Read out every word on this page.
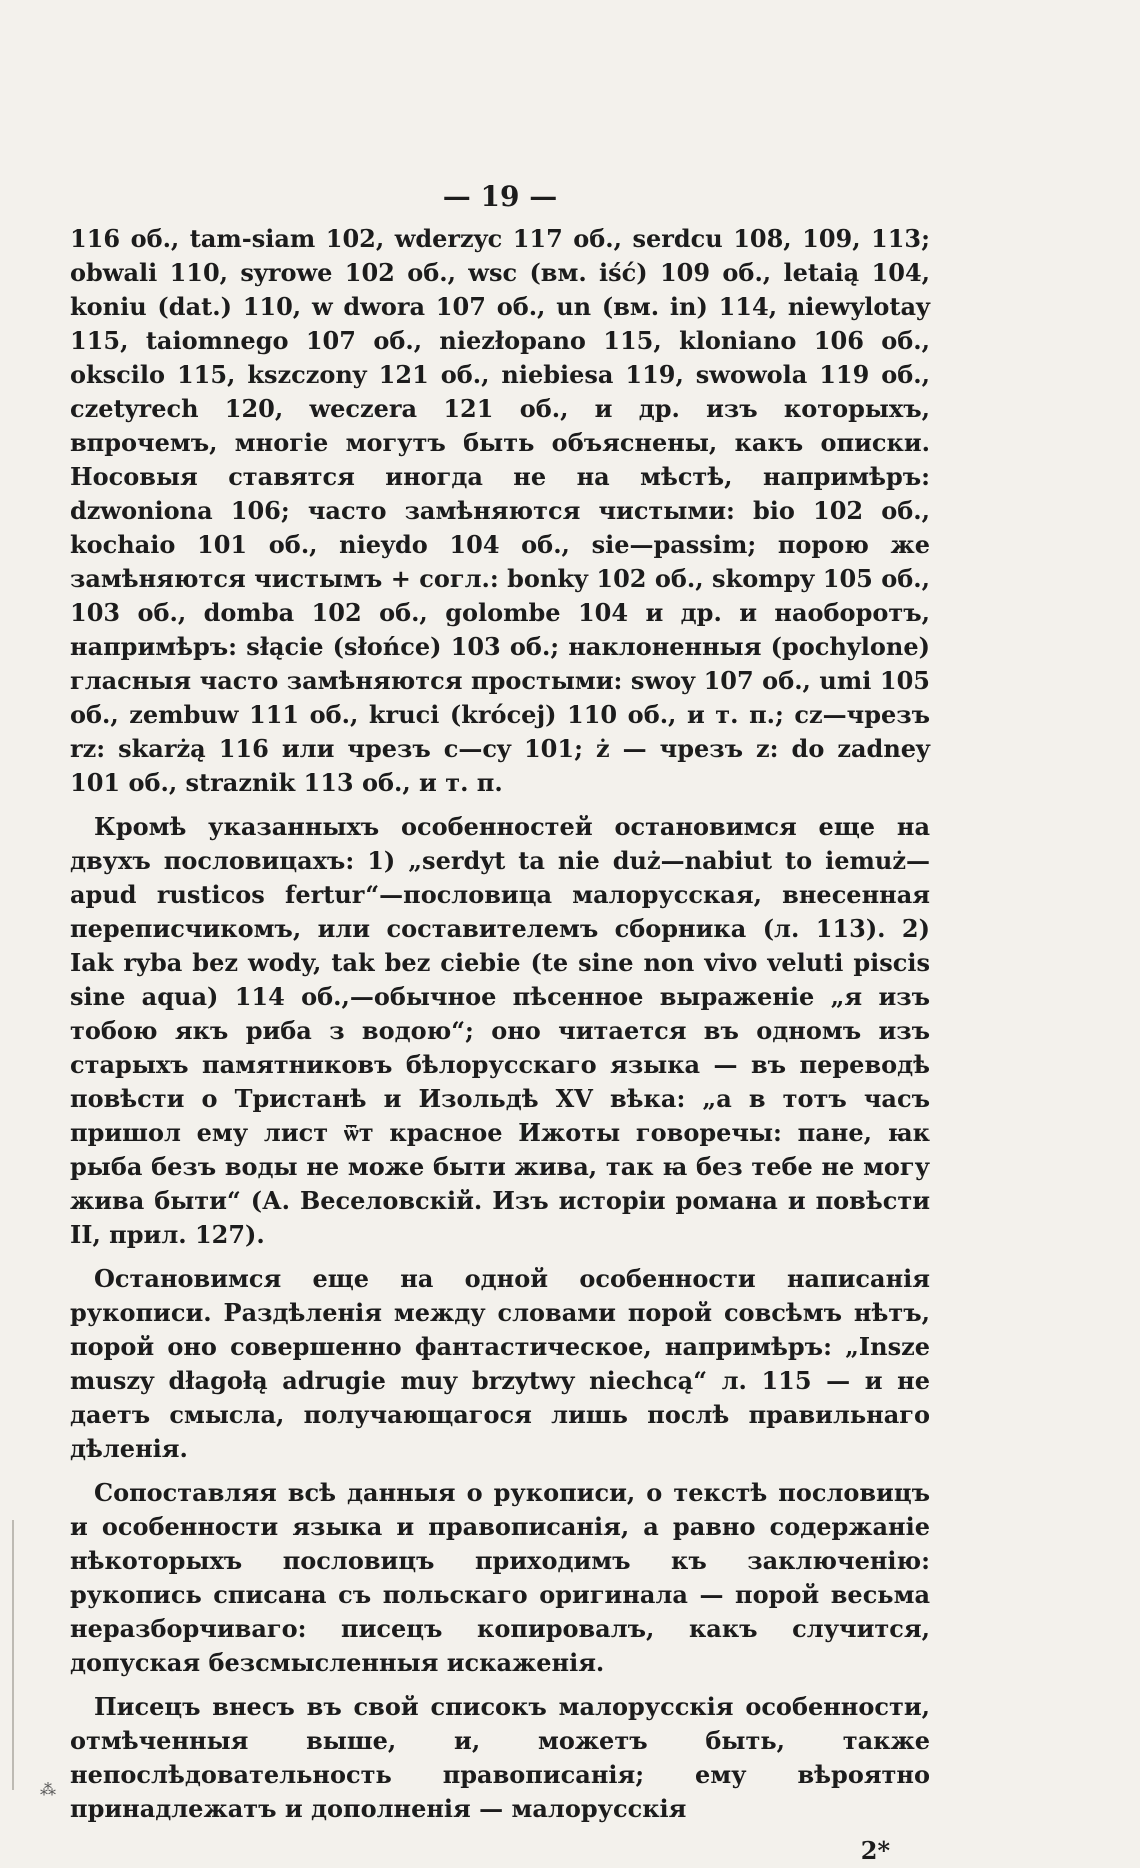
— 19 —

116 об., tam-siam 102, wderzyc 117 об., serdcu 108, 109, 113; obwali 110, syrowe 102 об., wsc (вм. iść) 109 об., letaią 104, koniu (dat.) 110, w dwora 107 об., un (вм. in) 114, niewylotay 115, taiomnego 107 об., niezłopano 115, kloniano 106 об., okscilo 115, kszczony 121 об., niebiesa 119, swowola 119 об., czetyrech 120, weczera 121 об., и др. изъ которыхъ, впрочемъ, многіе могутъ быть объяснены, какъ описки. Носовыя ставятся иногда не на мѣстѣ, напримѣръ: dzwoniona 106; часто замѣняются чистыми: bio 102 об., kochaio 101 об., nieydo 104 об., sie—passim; порою же замѣняются чистымъ + согл.: bonky 102 об., skompy 105 об., 103 об., domba 102 об., golombe 104 и др. и наоборотъ, напримѣръ: słącie (słońce) 103 об.; наклоненныя (pochylone) гласныя часто замѣняются простыми: swoy 107 об., umi 105 об., zembuw 111 об., kruci (krócej) 110 об., и т. п.; cz—чрезъ rz: skarżą 116 или чрезъ c—cy 101; ż — чрезъ z: do zadney 101 об., straznik 113 об., и т. п.

Кромѣ указанныхъ особенностей остановимся еще на двухъ пословицахъ: 1) „serdyt ta nie duż—nabiut to iemuż—apud rusticos fertur“—пословица малорусская, внесенная переписчикомъ, или составителемъ сборника (л. 113). 2) Iak ryba bez wody, tak bez ciebie (te sine non vivo veluti piscis sine aqua) 114 об.,—обычное пѣсенное выраженіе „я изъ тобою якъ риба з водою“; оно читается въ одномъ изъ старыхъ памятниковъ бѣлорусскаго языка — въ переводѣ повѣсти о Тристанѣ и Изольдѣ XV вѣка: „а в тотъ часъ пришол ему лист ѿт красное Ижоты говоречы: пане, ꙗк рыба безъ воды не може быти жива, так ꙗ без тебе не могу жива быти“ (А. Веселовскій. Изъ исторіи романа и повѣсти II, прил. 127).

Остановимся еще на одной особенности написанія рукописи. Раздѣленія между словами порой совсѣмъ нѣтъ, порой оно совершенно фантастическое, напримѣръ: „Insze muszy dłagołą adrugie muy brzytwy niechcą“ л. 115 — и не даетъ смысла, получающагося лишь послѣ правильнаго дѣленія.

Сопоставляя всѣ данныя о рукописи, о текстѣ пословицъ и особенности языка и правописанія, а равно содержаніе нѣкоторыхъ пословицъ приходимъ къ заключенію: рукопись списана съ польскаго оригинала — порой весьма неразборчиваго: писецъ копировалъ, какъ случится, допуская безсмысленныя искаженія.

Писецъ внесъ въ свой списокъ малорусскія особенности, отмѣченныя выше, и, можетъ быть, также непослѣдовательность правописанія; ему вѣроятно принадлежатъ и дополненія — малорусскія

2*
⁂
